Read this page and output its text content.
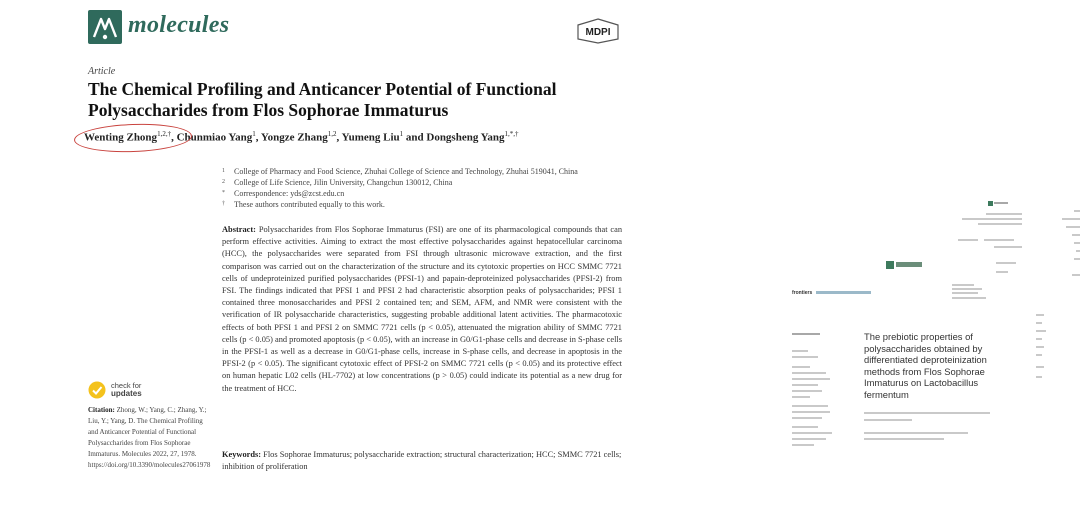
molecules	MDPI
Article
The Chemical Profiling and Anticancer Potential of Functional Polysaccharides from Flos Sophorae Immaturus
Wenting Zhong$^{1,2,\dagger}$, Chunmiao Yang$^1$, Yongze Zhang$^{1,2}$, Yumeng Liu$^1$ and Dongsheng Yang$^{1,*,\dagger}$
1	College of Pharmacy and Food Science, Zhuhai College of Science and Technology, Zhuhai 519041, China
2	College of Life Science, Jilin University, Changchun 130012, China
*	Correspondence: yds@zcst.edu.cn
†	These authors contributed equally to this work.
Abstract: Polysaccharides from Flos Sophorae Immaturus (FSI) are one of its pharmacological compounds that can perform effective activities. Aiming to extract the most effective polysaccharides against hepatocellular carcinoma (HCC), the polysaccharides were separated from FSI through ultrasonic microwave extraction, and the first comparison was carried out on the characterization of the structure and its cytotoxic properties on HCC SMMC 7721 cells of undeproteinized purified polysaccharides (PFSI-1) and papain-deproteinized polysaccharides (PFSI-2) from FSI. The findings indicated that PFSI 1 and PFSI 2 had characteristic absorption peaks of polysaccharides; PFSI 1 contained three monosaccharides and PFSI 2 contained ten; and SEM, AFM, and NMR were consistent with the verification of IR polysaccharide characteristics, suggesting probable additional latent activities. The pharmacotoxic effects of both PFSI 1 and PFSI 2 on SMMC 7721 cells (p < 0.05), attenuated the migration ability of SMMC 7721 cells (p < 0.05) and promoted apoptosis (p < 0.05), with an increase in G0/G1-phase cells and decrease in S-phase cells in the PFSI-1 as well as a decrease in G0/G1-phase cells, increase in S-phase cells, and decrease in apoptosis in the PFSI-2 (p < 0.05). The significant cytotoxic effect of PFSI-2 on SMMC 7721 cells (p < 0.05) and its protective effect on human hepatic L02 cells (HL-7702) at low concentrations (p > 0.05) could indicate its potential as a new drug for the treatment of HCC.
Keywords: Flos Sophorae Immaturus; polysaccharide extraction; structural characterization; HCC; SMMC 7721 cells; inhibition of proliferation
check for
updates
Citation: Zhong, W.; Yang, C.; Zhang, Y.; Liu, Y.; Yang, D. The Chemical Profiling and Anticancer Potential of Functional Polysaccharides from Flos Sophorae Immaturus. Molecules 2022, 27, 1978. https://doi.org/10.3390/molecules27061978
frontiers
The prebiotic properties of polysaccharides obtained by differentiated deproteinization methods from Flos Sophorae Immaturus on Lactobacillus fermentum
